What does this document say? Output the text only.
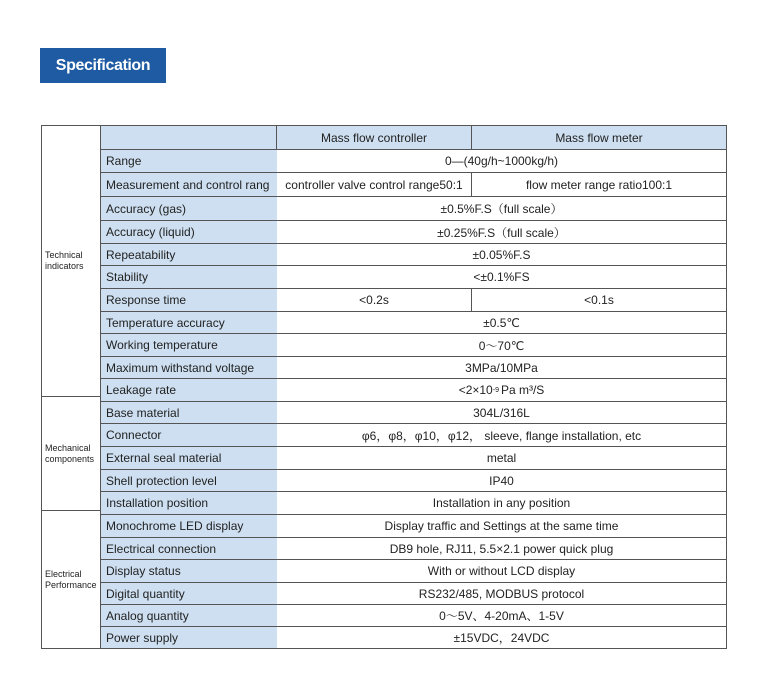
Specification
Mass flow controller	Mass flow meter
Technical
indicators
Mechanical
components
Electrical
Performance
Range	0—(40g/h~1000kg/h)
Measurement and control rang	controller valve control range50:1	flow meter range ratio100:1
Accuracy (gas)	±0.5%F.S（full scale）
Accuracy (liquid)	±0.25%F.S（full scale）
Repeatability	±0.05%F.S
Stability	<±0.1%FS
Response time	<0.2s	<0.1s
Temperature accuracy	±0.5℃
Working temperature	0～70℃
Maximum withstand voltage	3MPa/10MPa
Leakage rate	<2×10 -9 Pa m³/S
Base material	304L/316L
Connector	φ6，φ8，φ10，φ12， sleeve, flange installation, etc
External seal material	metal
Shell protection level	IP40
Installation position	Installation in any position
Monochrome LED display	Display traffic and Settings at the same time
Electrical connection	DB9 hole, RJ11, 5.5×2.1 power quick plug
Display status	With or without LCD display
Digital quantity	RS232/485, MODBUS protocol
Analog quantity	0～5V、4-20mA、1-5V
Power supply	±15VDC，24VDC
